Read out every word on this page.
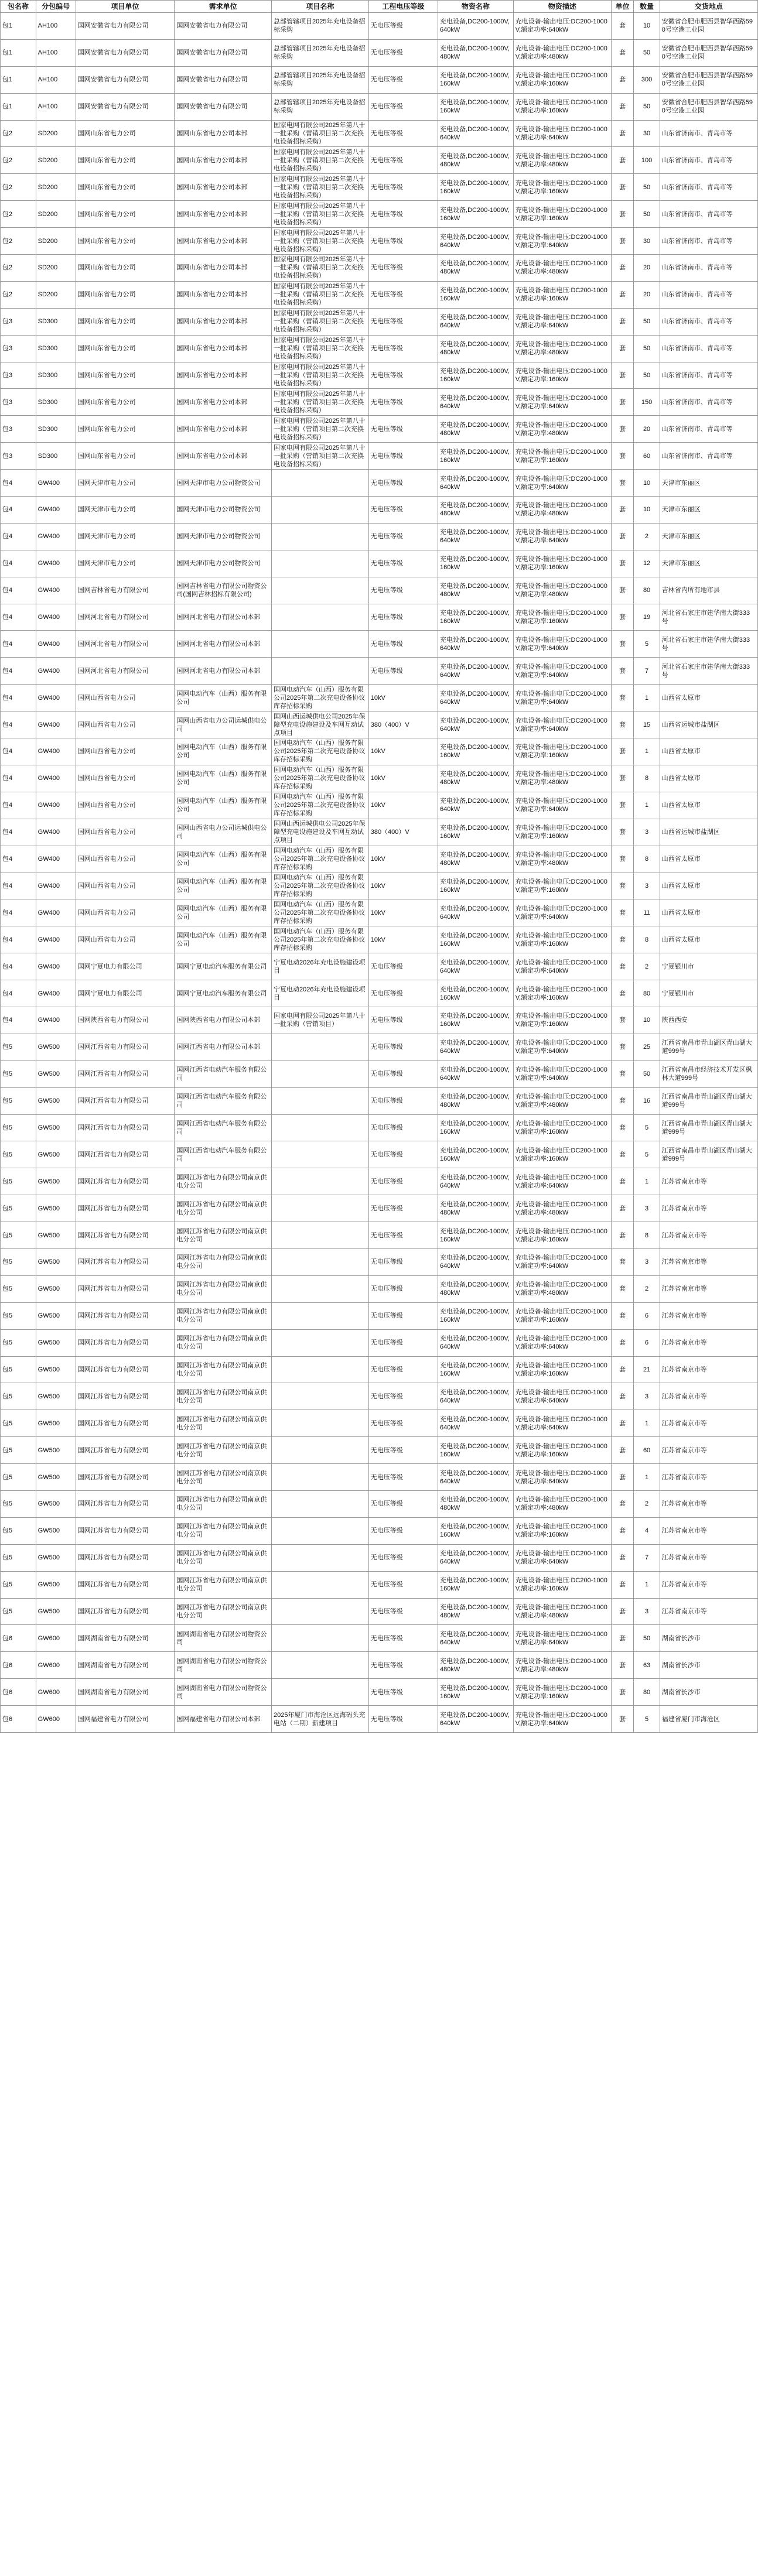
包名称	分包编号	项目单位	需求单位	项目名称	工程电压等级	物资名称	物资描述	单位	数量	交货地点
包1	AH100	国网安徽省电力有限公司	国网安徽省电力有限公司	总部管辖项目2025年充电设备招标采购	无电压等级	充电设备,DC200-1000V,640kW	充电设备-输出电压:DC200-1000V,额定功率:640kW	套	10	安徽省合肥市肥西县智华西路590号空港工业园
包1	AH100	国网安徽省电力有限公司	国网安徽省电力有限公司	总部管辖项目2025年充电设备招标采购	无电压等级	充电设备,DC200-1000V,480kW	充电设备-输出电压:DC200-1000V,额定功率:480kW	套	50	安徽省合肥市肥西县智华西路590号空港工业园
包1	AH100	国网安徽省电力有限公司	国网安徽省电力有限公司	总部管辖项目2025年充电设备招标采购	无电压等级	充电设备,DC200-1000V,160kW	充电设备-输出电压:DC200-1000V,额定功率:160kW	套	300	安徽省合肥市肥西县智华西路590号空港工业园
包1	AH100	国网安徽省电力有限公司	国网安徽省电力有限公司	总部管辖项目2025年充电设备招标采购	无电压等级	充电设备,DC200-1000V,160kW	充电设备-输出电压:DC200-1000V,额定功率:160kW	套	50	安徽省合肥市肥西县智华西路590号空港工业园
包2	SD200	国网山东省电力公司	国网山东省电力公司本部	国家电网有限公司2025年第八十一批采购（营销项目第二次充换电设备招标采购）	无电压等级	充电设备,DC200-1000V,640kW	充电设备-输出电压:DC200-1000V,额定功率:640kW	套	30	山东省济南市、青岛市等
包2	SD200	国网山东省电力公司	国网山东省电力公司本部	国家电网有限公司2025年第八十一批采购（营销项目第二次充换电设备招标采购）	无电压等级	充电设备,DC200-1000V,480kW	充电设备-输出电压:DC200-1000V,额定功率:480kW	套	100	山东省济南市、青岛市等
包2	SD200	国网山东省电力公司	国网山东省电力公司本部	国家电网有限公司2025年第八十一批采购（营销项目第二次充换电设备招标采购）	无电压等级	充电设备,DC200-1000V,160kW	充电设备-输出电压:DC200-1000V,额定功率:160kW	套	50	山东省济南市、青岛市等
包2	SD200	国网山东省电力公司	国网山东省电力公司本部	国家电网有限公司2025年第八十一批采购（营销项目第二次充换电设备招标采购）	无电压等级	充电设备,DC200-1000V,160kW	充电设备-输出电压:DC200-1000V,额定功率:160kW	套	50	山东省济南市、青岛市等
包2	SD200	国网山东省电力公司	国网山东省电力公司本部	国家电网有限公司2025年第八十一批采购（营销项目第二次充换电设备招标采购）	无电压等级	充电设备,DC200-1000V,640kW	充电设备-输出电压:DC200-1000V,额定功率:640kW	套	30	山东省济南市、青岛市等
包2	SD200	国网山东省电力公司	国网山东省电力公司本部	国家电网有限公司2025年第八十一批采购（营销项目第二次充换电设备招标采购）	无电压等级	充电设备,DC200-1000V,480kW	充电设备-输出电压:DC200-1000V,额定功率:480kW	套	20	山东省济南市、青岛市等
包2	SD200	国网山东省电力公司	国网山东省电力公司本部	国家电网有限公司2025年第八十一批采购（营销项目第二次充换电设备招标采购）	无电压等级	充电设备,DC200-1000V,160kW	充电设备-输出电压:DC200-1000V,额定功率:160kW	套	20	山东省济南市、青岛市等
包3	SD300	国网山东省电力公司	国网山东省电力公司本部	国家电网有限公司2025年第八十一批采购（营销项目第二次充换电设备招标采购）	无电压等级	充电设备,DC200-1000V,640kW	充电设备-输出电压:DC200-1000V,额定功率:640kW	套	50	山东省济南市、青岛市等
包3	SD300	国网山东省电力公司	国网山东省电力公司本部	国家电网有限公司2025年第八十一批采购（营销项目第二次充换电设备招标采购）	无电压等级	充电设备,DC200-1000V,480kW	充电设备-输出电压:DC200-1000V,额定功率:480kW	套	50	山东省济南市、青岛市等
包3	SD300	国网山东省电力公司	国网山东省电力公司本部	国家电网有限公司2025年第八十一批采购（营销项目第二次充换电设备招标采购）	无电压等级	充电设备,DC200-1000V,160kW	充电设备-输出电压:DC200-1000V,额定功率:160kW	套	50	山东省济南市、青岛市等
包3	SD300	国网山东省电力公司	国网山东省电力公司本部	国家电网有限公司2025年第八十一批采购（营销项目第二次充换电设备招标采购）	无电压等级	充电设备,DC200-1000V,640kW	充电设备-输出电压:DC200-1000V,额定功率:640kW	套	150	山东省济南市、青岛市等
包3	SD300	国网山东省电力公司	国网山东省电力公司本部	国家电网有限公司2025年第八十一批采购（营销项目第二次充换电设备招标采购）	无电压等级	充电设备,DC200-1000V,480kW	充电设备-输出电压:DC200-1000V,额定功率:480kW	套	20	山东省济南市、青岛市等
包3	SD300	国网山东省电力公司	国网山东省电力公司本部	国家电网有限公司2025年第八十一批采购（营销项目第二次充换电设备招标采购）	无电压等级	充电设备,DC200-1000V,160kW	充电设备-输出电压:DC200-1000V,额定功率:160kW	套	60	山东省济南市、青岛市等
包4	GW400	国网天津市电力公司	国网天津市电力公司物资公司		无电压等级	充电设备,DC200-1000V,640kW	充电设备-输出电压:DC200-1000V,额定功率:640kW	套	10	天津市东丽区
包4	GW400	国网天津市电力公司	国网天津市电力公司物资公司		无电压等级	充电设备,DC200-1000V,480kW	充电设备-输出电压:DC200-1000V,额定功率:480kW	套	10	天津市东丽区
包4	GW400	国网天津市电力公司	国网天津市电力公司物资公司		无电压等级	充电设备,DC200-1000V,640kW	充电设备-输出电压:DC200-1000V,额定功率:640kW	套	2	天津市东丽区
包4	GW400	国网天津市电力公司	国网天津市电力公司物资公司		无电压等级	充电设备,DC200-1000V,160kW	充电设备-输出电压:DC200-1000V,额定功率:160kW	套	12	天津市东丽区
包4	GW400	国网吉林省电力有限公司	国网吉林省电力有限公司物资公司(国网吉林招标有限公司)		无电压等级	充电设备,DC200-1000V,480kW	充电设备-输出电压:DC200-1000V,额定功率:480kW	套	80	吉林省内所有地市县
包4	GW400	国网河北省电力有限公司	国网河北省电力有限公司本部		无电压等级	充电设备,DC200-1000V,160kW	充电设备-输出电压:DC200-1000V,额定功率:160kW	套	19	河北省石家庄市建华南大街333号
包4	GW400	国网河北省电力有限公司	国网河北省电力有限公司本部		无电压等级	充电设备,DC200-1000V,640kW	充电设备-输出电压:DC200-1000V,额定功率:640kW	套	5	河北省石家庄市建华南大街333号
包4	GW400	国网河北省电力有限公司	国网河北省电力有限公司本部		无电压等级	充电设备,DC200-1000V,640kW	充电设备-输出电压:DC200-1000V,额定功率:640kW	套	7	河北省石家庄市建华南大街333号
包4	GW400	国网山西省电力公司	国网电动汽车（山西）服务有限公司	国网电动汽车（山西）服务有限公司2025年第二次充电设备协议库存招标采购	10kV	充电设备,DC200-1000V,640kW	充电设备-输出电压:DC200-1000V,额定功率:640kW	套	1	山西省太原市
包4	GW400	国网山西省电力公司	国网山西省电力公司运城供电公司	国网山西运城供电公司2025年保障型充电设施建设及车网互动试点项目	380（400）V	充电设备,DC200-1000V,640kW	充电设备-输出电压:DC200-1000V,额定功率:640kW	套	15	山西省运城市盐湖区
包4	GW400	国网山西省电力公司	国网电动汽车（山西）服务有限公司	国网电动汽车（山西）服务有限公司2025年第二次充电设备协议库存招标采购	10kV	充电设备,DC200-1000V,160kW	充电设备-输出电压:DC200-1000V,额定功率:160kW	套	1	山西省太原市
包4	GW400	国网山西省电力公司	国网电动汽车（山西）服务有限公司	国网电动汽车（山西）服务有限公司2025年第二次充电设备协议库存招标采购	10kV	充电设备,DC200-1000V,480kW	充电设备-输出电压:DC200-1000V,额定功率:480kW	套	8	山西省太原市
包4	GW400	国网山西省电力公司	国网电动汽车（山西）服务有限公司	国网电动汽车（山西）服务有限公司2025年第二次充电设备协议库存招标采购	10kV	充电设备,DC200-1000V,640kW	充电设备-输出电压:DC200-1000V,额定功率:640kW	套	1	山西省太原市
包4	GW400	国网山西省电力公司	国网山西省电力公司运城供电公司	国网山西运城供电公司2025年保障型充电设施建设及车网互动试点项目	380（400）V	充电设备,DC200-1000V,160kW	充电设备-输出电压:DC200-1000V,额定功率:160kW	套	3	山西省运城市盐湖区
包4	GW400	国网山西省电力公司	国网电动汽车（山西）服务有限公司	国网电动汽车（山西）服务有限公司2025年第二次充电设备协议库存招标采购	10kV	充电设备,DC200-1000V,480kW	充电设备-输出电压:DC200-1000V,额定功率:480kW	套	8	山西省太原市
包4	GW400	国网山西省电力公司	国网电动汽车（山西）服务有限公司	国网电动汽车（山西）服务有限公司2025年第二次充电设备协议库存招标采购	10kV	充电设备,DC200-1000V,160kW	充电设备-输出电压:DC200-1000V,额定功率:160kW	套	3	山西省太原市
包4	GW400	国网山西省电力公司	国网电动汽车（山西）服务有限公司	国网电动汽车（山西）服务有限公司2025年第二次充电设备协议库存招标采购	10kV	充电设备,DC200-1000V,640kW	充电设备-输出电压:DC200-1000V,额定功率:640kW	套	11	山西省太原市
包4	GW400	国网山西省电力公司	国网电动汽车（山西）服务有限公司	国网电动汽车（山西）服务有限公司2025年第二次充电设备协议库存招标采购	10kV	充电设备,DC200-1000V,160kW	充电设备-输出电压:DC200-1000V,额定功率:160kW	套	8	山西省太原市
包4	GW400	国网宁夏电力有限公司	国网宁夏电动汽车服务有限公司	宁夏电动2026年充电设施建设项目	无电压等级	充电设备,DC200-1000V,640kW	充电设备-输出电压:DC200-1000V,额定功率:640kW	套	2	宁夏银川市
包4	GW400	国网宁夏电力有限公司	国网宁夏电动汽车服务有限公司	宁夏电动2026年充电设施建设项目	无电压等级	充电设备,DC200-1000V,160kW	充电设备-输出电压:DC200-1000V,额定功率:160kW	套	80	宁夏银川市
包4	GW400	国网陕西省电力有限公司	国网陕西省电力有限公司本部	国家电网有限公司2025年第八十一批采购（营销项目）	无电压等级	充电设备,DC200-1000V,160kW	充电设备-输出电压:DC200-1000V,额定功率:160kW	套	10	陕西西安
包5	GW500	国网江西省电力有限公司	国网江西省电力有限公司本部		无电压等级	充电设备,DC200-1000V,640kW	充电设备-输出电压:DC200-1000V,额定功率:640kW	套	25	江西省南昌市青山湖区青山湖大道999号
包5	GW500	国网江西省电力有限公司	国网江西省电动汽车服务有限公司		无电压等级	充电设备,DC200-1000V,640kW	充电设备-输出电压:DC200-1000V,额定功率:640kW	套	50	江西省南昌市经济技术开发区枫林大道999号
包5	GW500	国网江西省电力有限公司	国网江西省电动汽车服务有限公司		无电压等级	充电设备,DC200-1000V,480kW	充电设备-输出电压:DC200-1000V,额定功率:480kW	套	16	江西省南昌市青山湖区青山湖大道999号
包5	GW500	国网江西省电力有限公司	国网江西省电动汽车服务有限公司		无电压等级	充电设备,DC200-1000V,160kW	充电设备-输出电压:DC200-1000V,额定功率:160kW	套	5	江西省南昌市青山湖区青山湖大道999号
包5	GW500	国网江西省电力有限公司	国网江西省电动汽车服务有限公司		无电压等级	充电设备,DC200-1000V,160kW	充电设备-输出电压:DC200-1000V,额定功率:160kW	套	5	江西省南昌市青山湖区青山湖大道999号
包5	GW500	国网江苏省电力有限公司	国网江苏省电力有限公司南京供电分公司		无电压等级	充电设备,DC200-1000V,640kW	充电设备-输出电压:DC200-1000V,额定功率:640kW	套	1	江苏省南京市等
包5	GW500	国网江苏省电力有限公司	国网江苏省电力有限公司南京供电分公司		无电压等级	充电设备,DC200-1000V,480kW	充电设备-输出电压:DC200-1000V,额定功率:480kW	套	3	江苏省南京市等
包5	GW500	国网江苏省电力有限公司	国网江苏省电力有限公司南京供电分公司		无电压等级	充电设备,DC200-1000V,160kW	充电设备-输出电压:DC200-1000V,额定功率:160kW	套	8	江苏省南京市等
包5	GW500	国网江苏省电力有限公司	国网江苏省电力有限公司南京供电分公司		无电压等级	充电设备,DC200-1000V,640kW	充电设备-输出电压:DC200-1000V,额定功率:640kW	套	3	江苏省南京市等
包5	GW500	国网江苏省电力有限公司	国网江苏省电力有限公司南京供电分公司		无电压等级	充电设备,DC200-1000V,480kW	充电设备-输出电压:DC200-1000V,额定功率:480kW	套	2	江苏省南京市等
包5	GW500	国网江苏省电力有限公司	国网江苏省电力有限公司南京供电分公司		无电压等级	充电设备,DC200-1000V,160kW	充电设备-输出电压:DC200-1000V,额定功率:160kW	套	6	江苏省南京市等
包5	GW500	国网江苏省电力有限公司	国网江苏省电力有限公司南京供电分公司		无电压等级	充电设备,DC200-1000V,640kW	充电设备-输出电压:DC200-1000V,额定功率:640kW	套	6	江苏省南京市等
包5	GW500	国网江苏省电力有限公司	国网江苏省电力有限公司南京供电分公司		无电压等级	充电设备,DC200-1000V,160kW	充电设备-输出电压:DC200-1000V,额定功率:160kW	套	21	江苏省南京市等
包5	GW500	国网江苏省电力有限公司	国网江苏省电力有限公司南京供电分公司		无电压等级	充电设备,DC200-1000V,640kW	充电设备-输出电压:DC200-1000V,额定功率:640kW	套	3	江苏省南京市等
包5	GW500	国网江苏省电力有限公司	国网江苏省电力有限公司南京供电分公司		无电压等级	充电设备,DC200-1000V,640kW	充电设备-输出电压:DC200-1000V,额定功率:640kW	套	1	江苏省南京市等
包5	GW500	国网江苏省电力有限公司	国网江苏省电力有限公司南京供电分公司		无电压等级	充电设备,DC200-1000V,160kW	充电设备-输出电压:DC200-1000V,额定功率:160kW	套	60	江苏省南京市等
包5	GW500	国网江苏省电力有限公司	国网江苏省电力有限公司南京供电分公司		无电压等级	充电设备,DC200-1000V,640kW	充电设备-输出电压:DC200-1000V,额定功率:640kW	套	1	江苏省南京市等
包5	GW500	国网江苏省电力有限公司	国网江苏省电力有限公司南京供电分公司		无电压等级	充电设备,DC200-1000V,480kW	充电设备-输出电压:DC200-1000V,额定功率:480kW	套	2	江苏省南京市等
包5	GW500	国网江苏省电力有限公司	国网江苏省电力有限公司南京供电分公司		无电压等级	充电设备,DC200-1000V,160kW	充电设备-输出电压:DC200-1000V,额定功率:160kW	套	4	江苏省南京市等
包5	GW500	国网江苏省电力有限公司	国网江苏省电力有限公司南京供电分公司		无电压等级	充电设备,DC200-1000V,640kW	充电设备-输出电压:DC200-1000V,额定功率:640kW	套	7	江苏省南京市等
包5	GW500	国网江苏省电力有限公司	国网江苏省电力有限公司南京供电分公司		无电压等级	充电设备,DC200-1000V,160kW	充电设备-输出电压:DC200-1000V,额定功率:160kW	套	1	江苏省南京市等
包5	GW500	国网江苏省电力有限公司	国网江苏省电力有限公司南京供电分公司		无电压等级	充电设备,DC200-1000V,480kW	充电设备-输出电压:DC200-1000V,额定功率:480kW	套	3	江苏省南京市等
包6	GW600	国网湖南省电力有限公司	国网湖南省电力有限公司物资公司		无电压等级	充电设备,DC200-1000V,640kW	充电设备-输出电压:DC200-1000V,额定功率:640kW	套	50	湖南省长沙市
包6	GW600	国网湖南省电力有限公司	国网湖南省电力有限公司物资公司		无电压等级	充电设备,DC200-1000V,480kW	充电设备-输出电压:DC200-1000V,额定功率:480kW	套	63	湖南省长沙市
包6	GW600	国网湖南省电力有限公司	国网湖南省电力有限公司物资公司		无电压等级	充电设备,DC200-1000V,160kW	充电设备-输出电压:DC200-1000V,额定功率:160kW	套	80	湖南省长沙市
包6	GW600	国网福建省电力有限公司	国网福建省电力有限公司本部	2025年厦门市海沧区远海码头充电站（二期）新建项目	无电压等级	充电设备,DC200-1000V,640kW	充电设备-输出电压:DC200-1000V,额定功率:640kW	套	5	福建省厦门市海沧区
